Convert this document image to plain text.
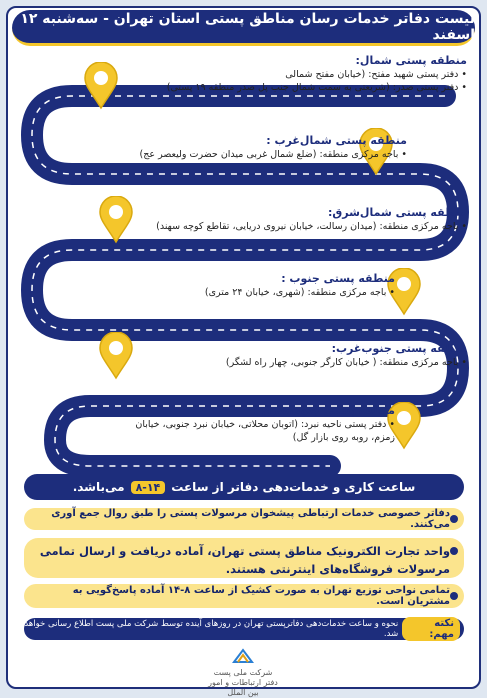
لیست دفاتر خدمات رسان مناطق پستی استان تهران - سه‌شنبه ۱۲ اسفند
منطقه پستی شمال:
• دفتر پستی شهید مفتح: (خیابان مفتح شمالی
• دفتر پستی صدر: (شریعتی به سمت شمال جنب پل صدر منطقه ۱۹ پستی)
منطقه پستی شمال‌غرب :
• باجه مرکزی منطقه: (ضلع شمال غربی میدان حضرت ولیعصر عج)
منطقه پستی شمال‌شرق:
• باجه مرکزی منطقه: (میدان رسالت، خیابان نیروی دریایی، تقاطع کوچه سهند)
منطقه پستی جنوب :
• باجه مرکزی منطقه: (شهری، خیابان ۲۴ متری)
منطقه پستی جنوب‌غرب:
• باجه مرکزی منطقه: ( خیابان کارگر جنوبی، چهار راه لشگر)
منطقه پستی جنوب‌شرق :
• دفتر پستی ناحیه نبرد: (اتوبان محلاتی، خیابان نبرد جنوبی، خیابان
زمزم، روبه روی بازار گل)
ساعت کاری و خدمات‌دهی دفاتر از ساعت
۸-۱۴
می‌باشد.
دفاتر خصوصی خدمات ارتباطی پیشخوان مرسولات پستی را طبق روال جمع آوری می‌کنند.
واحد تجارت الکترونیک مناطق پستی تهران، آماده دریافت و ارسال تمامی مرسولات فروشگاه‌های اینترنتی هستند.
تمامی نواحی توزیع تهران به صورت کشیک از ساعت ۸-۱۴ آماده پاسخ‌گویی به مشتریان است.
نکته مهم:
نحوه و ساعت خدمات‌دهی دفاترپستی تهران در روزهای آینده توسط شرکت ملی پست اطلاع رسانی خواهد شد.
شرکت ملی پست
دفتر ارتباطات و امور بین الملل
